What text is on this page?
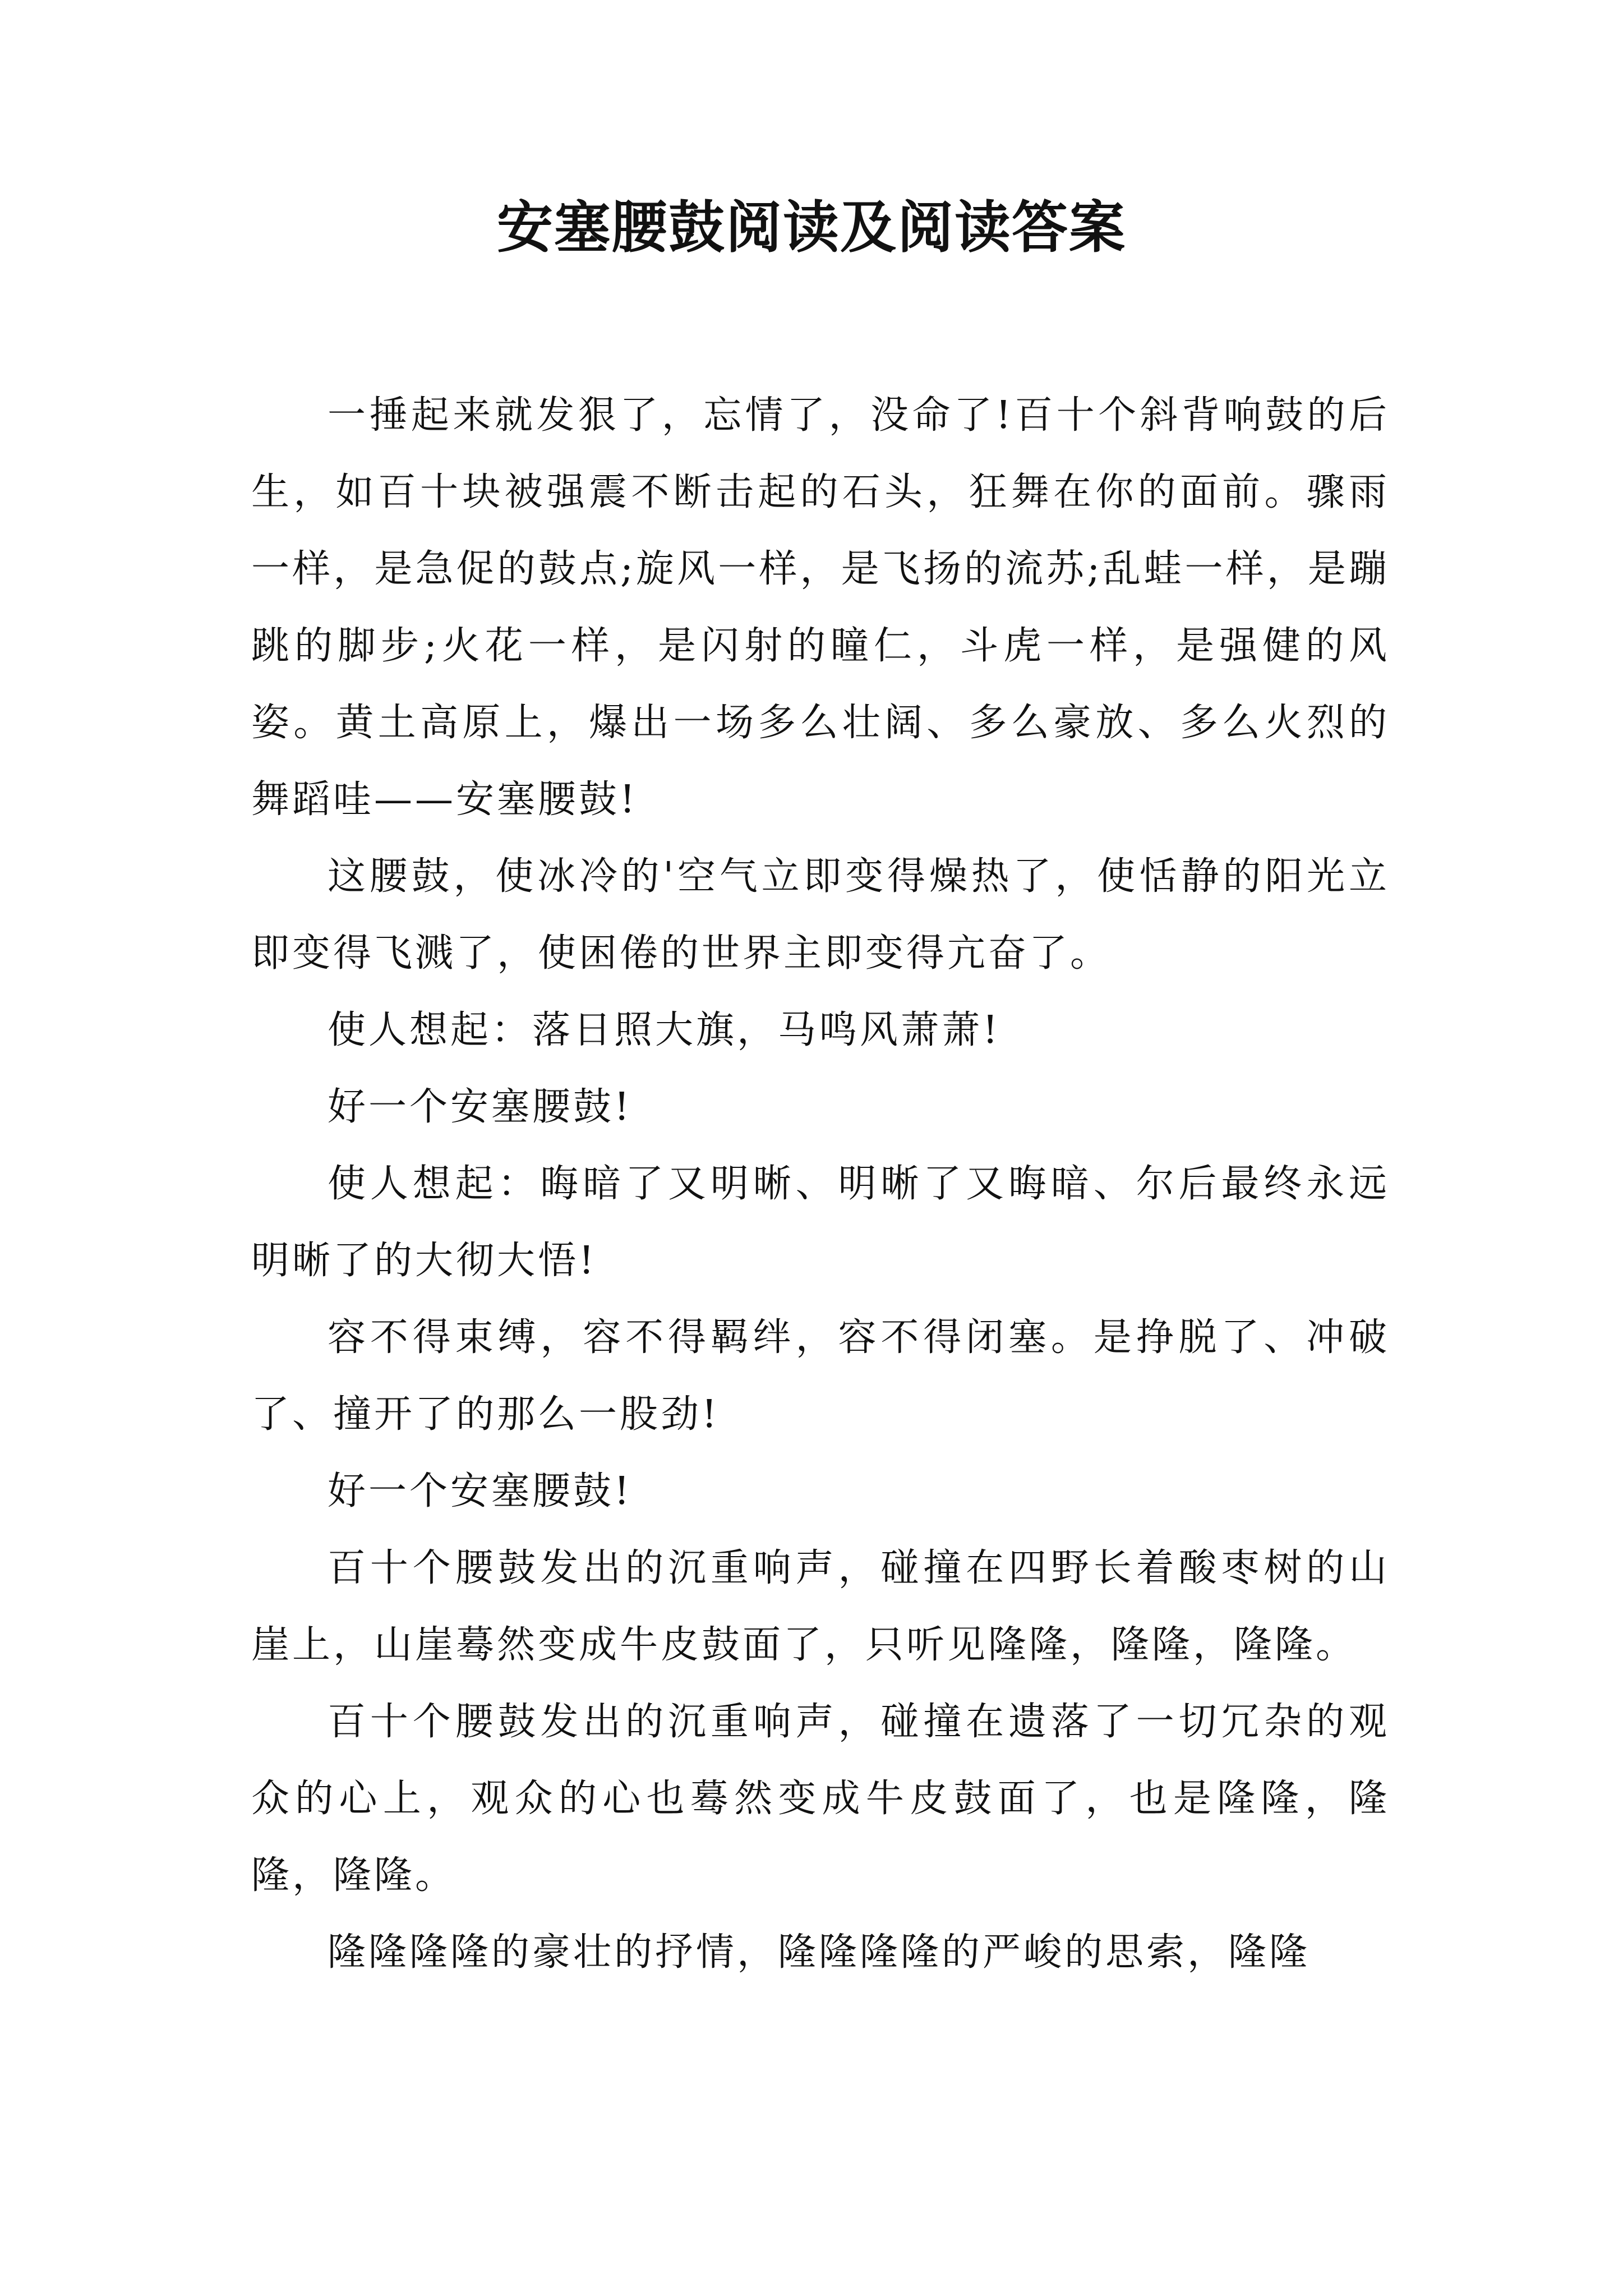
安塞腰鼓阅读及阅读答案

一捶起来就发狠了，忘情了，没命了!百十个斜背响鼓的后生，如百十块被强震不断击起的石头，狂舞在你的面前。骤雨一样，是急促的鼓点;旋风一样，是飞扬的流苏;乱蛙一样，是蹦跳的脚步;火花一样，是闪射的瞳仁，斗虎一样，是强健的风姿。黄土高原上，爆出一场多么壮阔、多么豪放、多么火烈的舞蹈哇——安塞腰鼓!

这腰鼓，使冰冷的'空气立即变得燥热了，使恬静的阳光立即变得飞溅了，使困倦的世界主即变得亢奋了。

使人想起：落日照大旗，马鸣风萧萧!

好一个安塞腰鼓!

使人想起：晦暗了又明晰、明晰了又晦暗、尔后最终永远明晰了的大彻大悟!

容不得束缚，容不得羁绊，容不得闭塞。是挣脱了、冲破了、撞开了的那么一股劲!

好一个安塞腰鼓!

百十个腰鼓发出的沉重响声，碰撞在四野长着酸枣树的山崖上，山崖蓦然变成牛皮鼓面了，只听见隆隆，隆隆，隆隆。

百十个腰鼓发出的沉重响声，碰撞在遗落了一切冗杂的观众的心上，观众的心也蓦然变成牛皮鼓面了，也是隆隆，隆隆，隆隆。

隆隆隆隆的豪壮的抒情，隆隆隆隆的严峻的思索，隆隆
